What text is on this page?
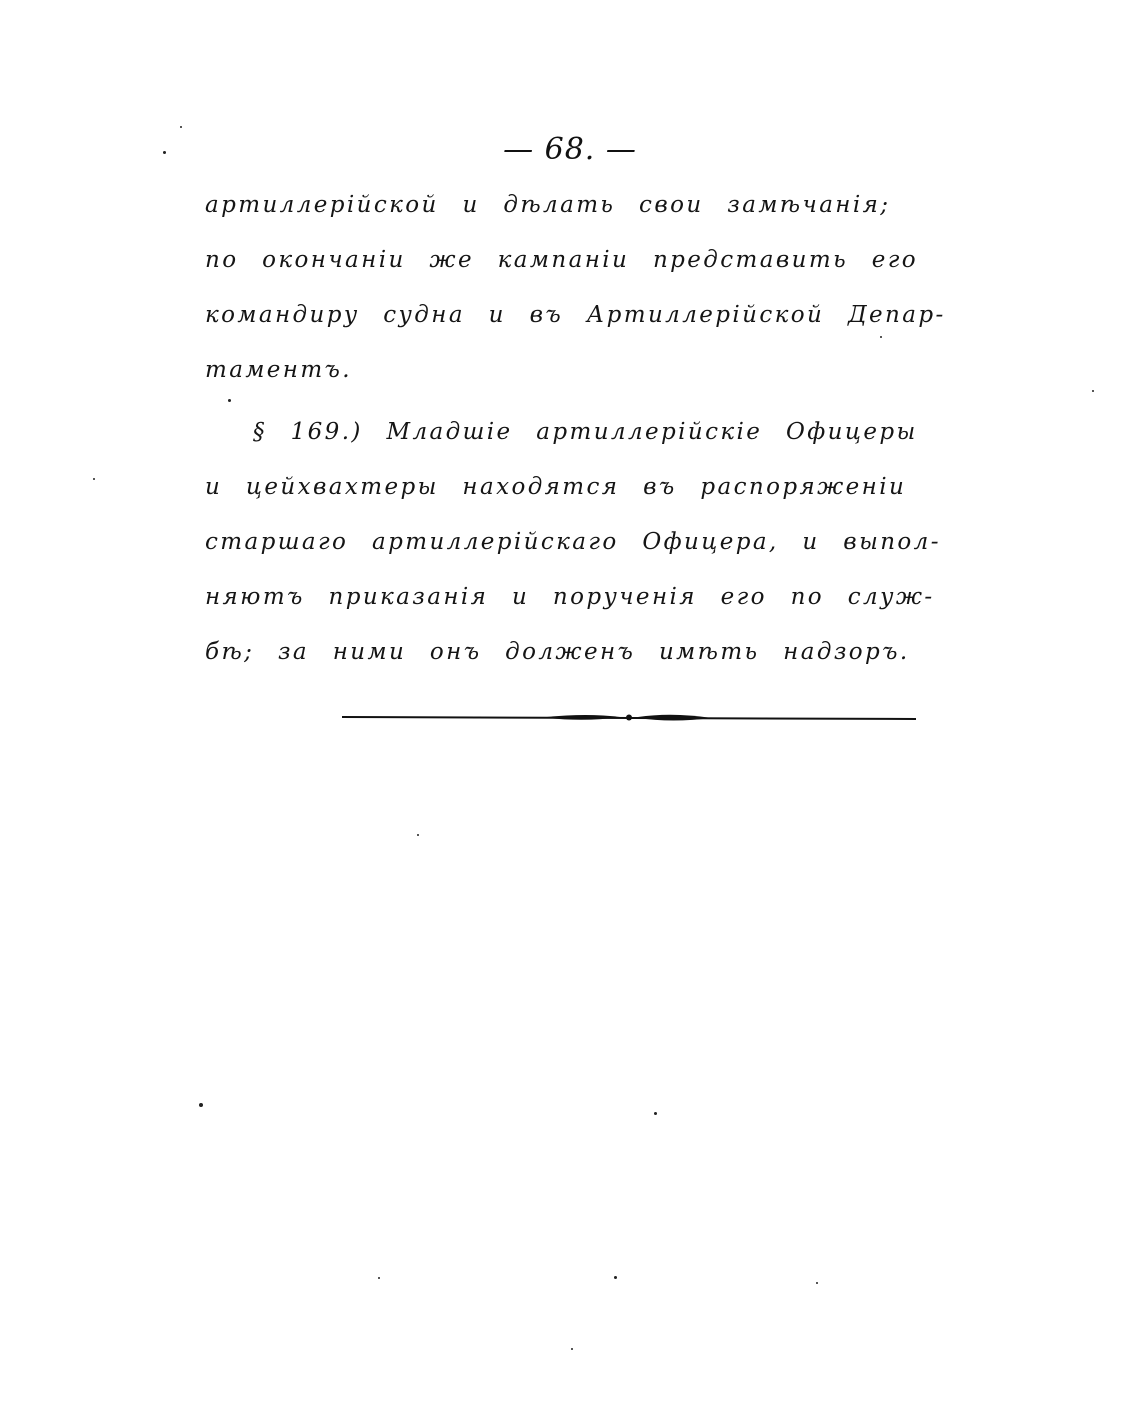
— 68. —
артиллерійской и дѣлать свои замѣчанія;
по окончаніи же кампаніи представить его
командиру судна и въ Артиллерійской Депар-
таментъ.
§ 169.) Младшіе артиллерійскіе Офицеры
и цейхвахтеры находятся въ распоряженіи
старшаго артиллерійскаго Офицера, и выпол-
няютъ приказанія и порученія его по служ-
бѣ; за ними онъ долженъ имѣть надзоръ.
